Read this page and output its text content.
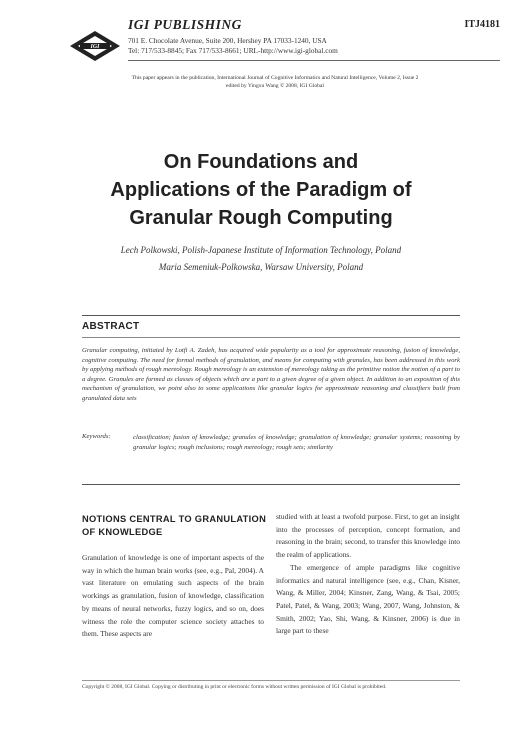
IGI
IGI PUBLISHING
701 E. Chocolate Avenue, Suite 200, Hershey PA 17033-1240, USA
Tel: 717/533-8845; Fax 717/533-8661; URL-http://www.igi-global.com
ITJ4181
This paper appears in the publication, International Journal of Cognitive Informatics and Natural Intelligence, Volume 2, Issue 2
edited by Yingxu Wang © 2008, IGI Global
On Foundations and
Applications of the Paradigm of
Granular Rough Computing
Lech Polkowski, Polish-Japanese Institute of Information Technology, Poland
Maria Semeniuk-Polkowska, Warsaw University, Poland
ABSTRACT
Granular computing, initiated by Lotfi A. Zadeh, has acquired wide popularity as a tool for approximate reasoning, fusion of knowledge, cognitive computing. The need for formal methods of granulation, and means for computing with granules, has been addressed in this work by applying methods of rough mereology. Rough mereology is an extension of mereology taking as the primitive notion the notion of a part to a degree. Granules are formed as classes of objects which are a part to a given degree of a given object. In addition to an exposition of this mechanism of granulation, we point also to some applications like granular logics for approximate reasoning and classifiers built from granulated data sets
Keywords:	classification; fusion of knowledge; granules of knowledge; granulation of knowledge; granular systems; reasoning by granular logics; rough inclusions; rough mereology; rough sets; similarity
NOTIONS CENTRAL TO GRANULATION OF KNOWLEDGE

Granulation of knowledge is one of important aspects of the way in which the human brain works (see, e.g., Pal, 2004). A vast literature on emulating such aspects of the brain workings as granulation, fusion of knowledge, classification by means of neural networks, fuzzy logics, and so on, does witness the role the computer science society attaches to them. These aspects are

studied with at least a twofold purpose. First, to get an insight into the processes of perception, concept formation, and reasoning in the brain; second, to transfer this knowledge into the realm of applications.

The emergence of ample paradigms like cognitive informatics and natural intelligence (see, e.g., Chan, Kisner, Wang, & Miller, 2004; Kinsner, Zang, Wang, & Tsai, 2005; Patel, Patel, & Wang, 2003; Wang, 2007, Wang, Johnston, & Smith, 2002; Yao, Shi, Wang, & Kinsner, 2006) is due in large part to these

Copyright © 2008, IGI Global. Copying or distributing in print or electronic forms without written permission of IGI Global is prohibited.
